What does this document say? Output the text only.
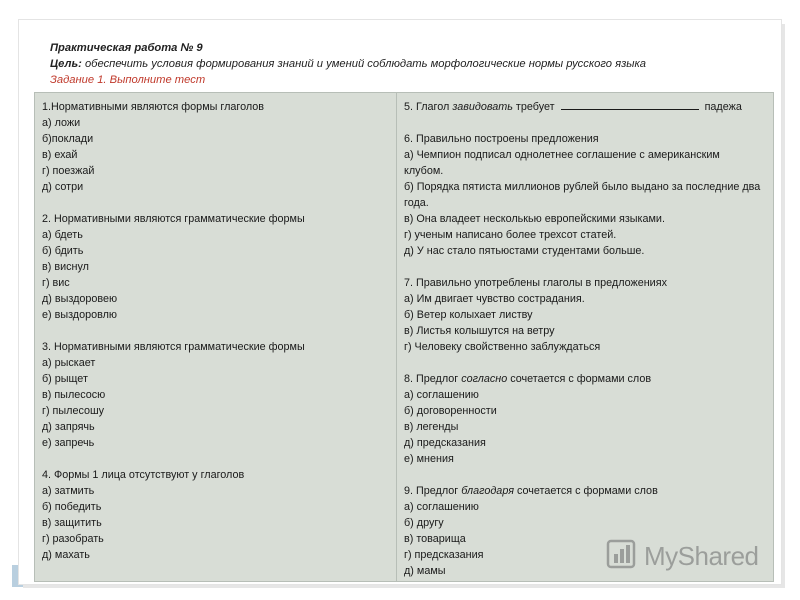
Практическая работа № 9
Цель: обеспечить условия формирования знаний и умений соблюдать морфологические нормы русского языка
Задание 1. Выполните тест

1.Нормативными являются формы глаголов

а) ложи

б)поклади

в) ехай

г) поезжай

д) сотри

2. Нормативными являются грамматические формы

а) бдеть

б) бдить

в) виснул

г) вис

д) выздоровею

е) выздоровлю

3. Нормативными являются грамматические формы

а) рыскает

б) рыщет

в) пылесосю

г) пылесошу

д) запрячь

е) запречь

4. Формы 1 лица отсутствуют у глаголов

а) затмить

б) победить

в) защитить

г) разобрать

д) махать

5. Глагол завидовать требует	падежа

6. Правильно построены предложения

а) Чемпион подписал однолетнее соглашение с американским клубом.

б) Порядка пятиста миллионов рублей было выдано за последние два года.

в) Она владеет несколькью европейскими языками.

г) ученым написано более трехсот статей.

д) У нас стало пятьюстами студентами больше.

7. Правильно употреблены глаголы в предложениях

а) Им двигает чувство сострадания.

б) Ветер колыхает листву

в) Листья колышутся на ветру

г) Человеку свойственно заблуждаться

8. Предлог согласно сочетается с формами слов

а) соглашению

б) договоренности

в) легенды

д) предсказания

е) мнения

9. Предлог благодаря сочетается с формами слов

а) соглашению

б) другу

в) товарища

г) предсказания

д) мамы

MyShared
